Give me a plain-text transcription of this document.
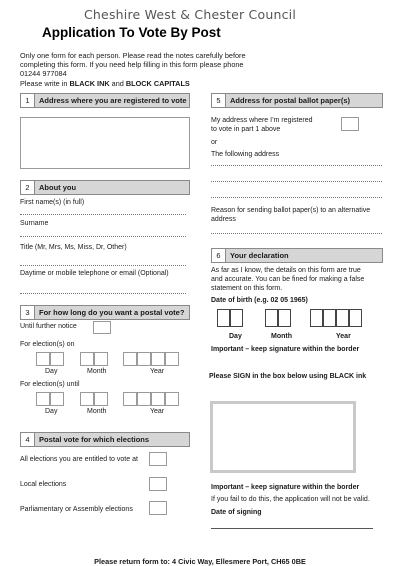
Cheshire West & Chester Council
Application To Vote By Post
Only one form for each person. Please read the notes carefully before
completing this form. If you need help filling in this form please phone
01244 977084
Please write in BLACK INK and BLOCK CAPITALS
1	Address where you are registered to vote
2	About you
First name(s) (in full)
Surname
Title (Mr, Mrs, Ms, Miss, Dr, Other)
Daytime or mobile telephone or email (Optional)
3	For how long do you want a postal vote?
Until further notice
For election(s) on
Day	Month	Year
For election(s) until
Day	Month	Year
4	Postal vote for which elections
All elections you are entitled to vote at
Local elections
Parliamentary or Assembly elections
5	Address for postal ballot paper(s)
My address where I’m registered
to vote in part 1 above
or
The following address
Reason for sending ballot paper(s) to an alternative
address
6	Your declaration
As far as I know, the details on this form are true
and accurate. You can be fined for making a false
statement on this form.
Date of birth (e.g. 02 05 1965)
Day	Month	Year
Important – keep signature within the border
Please SIGN in the box below using BLACK ink
Important – keep signature within the border
If you fail to do this, the application will not be valid.
Date of signing
Please return form to: 4 Civic Way, Ellesmere Port, CH65 0BE
